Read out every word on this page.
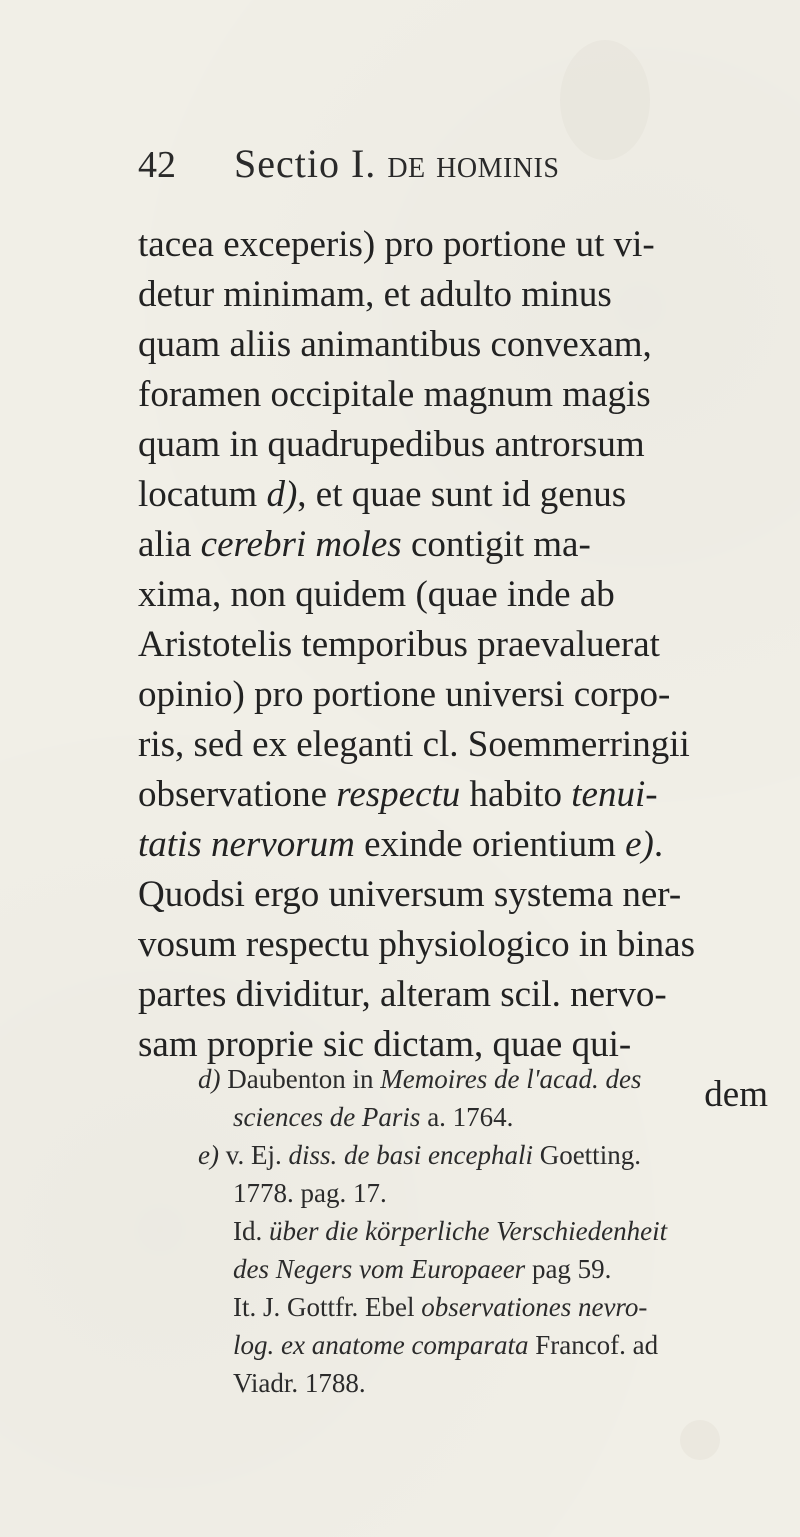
42 Sectio I. de hominis
tacea exceperis) pro portione ut vi-
detur minimam, et adulto minus
quam aliis animantibus convexam,
foramen occipitale magnum magis
quam in quadrupedibus antrorsum
locatum d), et quae sunt id genus
alia cerebri moles contigit ma-
xima, non quidem (quae inde ab
Aristotelis temporibus praevaluerat
opinio) pro portione universi corpo-
ris, sed ex eleganti cl. Soemmerringii
observatione respectu habito tenui-
tatis nervorum exinde orientium e).
Quodsi ergo universum systema ner-
vosum respectu physiologico in binas
partes dividitur, alteram scil. nervo-
sam proprie sic dictam, quae qui-
dem
d) Daubenton in Memoires de l'acad. des
sciences de Paris a. 1764.
e) v. Ej. diss. de basi encephali Goetting.
1778. pag. 17.
Id. über die körperliche Verschiedenheit
des Negers vom Europaeer pag 59.
It. J. Gottfr. Ebel observationes nevro-
log. ex anatome comparata Francof. ad
Viadr. 1788.
